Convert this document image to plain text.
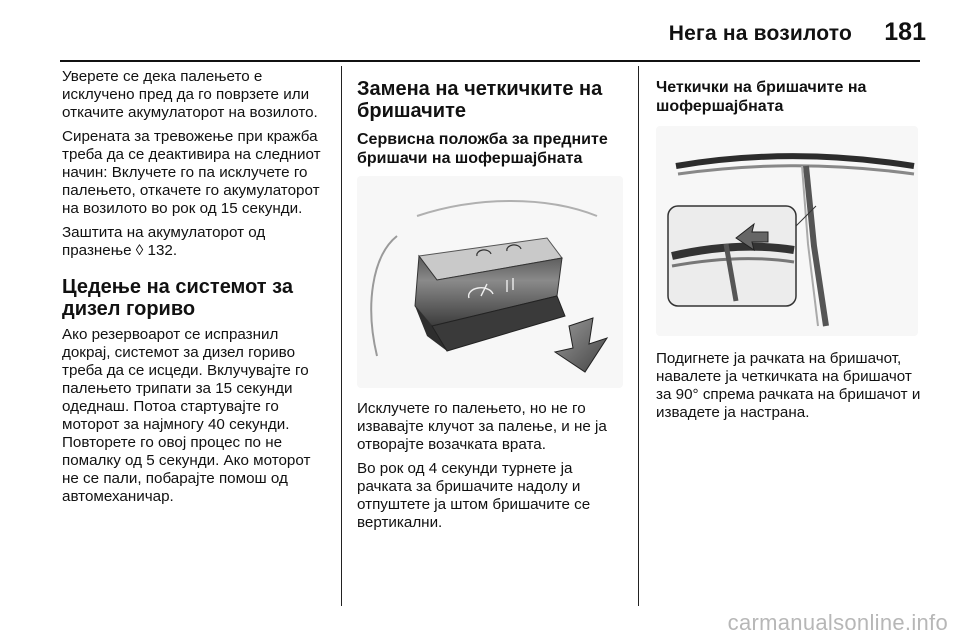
Нега на возилото 181

Уверете се дека палењето е исклучено пред да го поврзете или откачите акумулаторот на возилото.

Сирената за тревожење при кражба треба да се деактивира на следниот начин: Вклучете го па исклучете го палењето, откачете го акумулаторот на возилото во рок од 15 секунди.

Заштита на акумулаторот од празнење ◊ 132.

Цедење на системот за дизел гориво

Ако резервоарот се испразнил докрај, системот за дизел гориво треба да се исцеди. Вклучувајте го палењето трипати за 15 секунди одеднаш. Потоа стартувајте го моторот за најмногу 40 секунди. Повторете го овој процес по не помалку од 5 секунди. Ако моторот не се пали, побарајте помош од автомеханичар.

Замена на четкичките на бришачите
Сервисна положба за предните бришачи на шофершајбната

Исклучете го палењето, но не го извавајте клучот за палење, и не ја отворајте возачката врата.

Во рок од 4 секунди турнете ја рачката за бришачите надолу и отпуштете ја штом бришачите се вертикални.

Четкички на бришачите на шофершајбната

Подигнете ја рачката на бришачот, навалете ја четкичката на бришачот за 90° спрема рачката на бришачот и извадете ја настрана.

carmanualsonline.info
